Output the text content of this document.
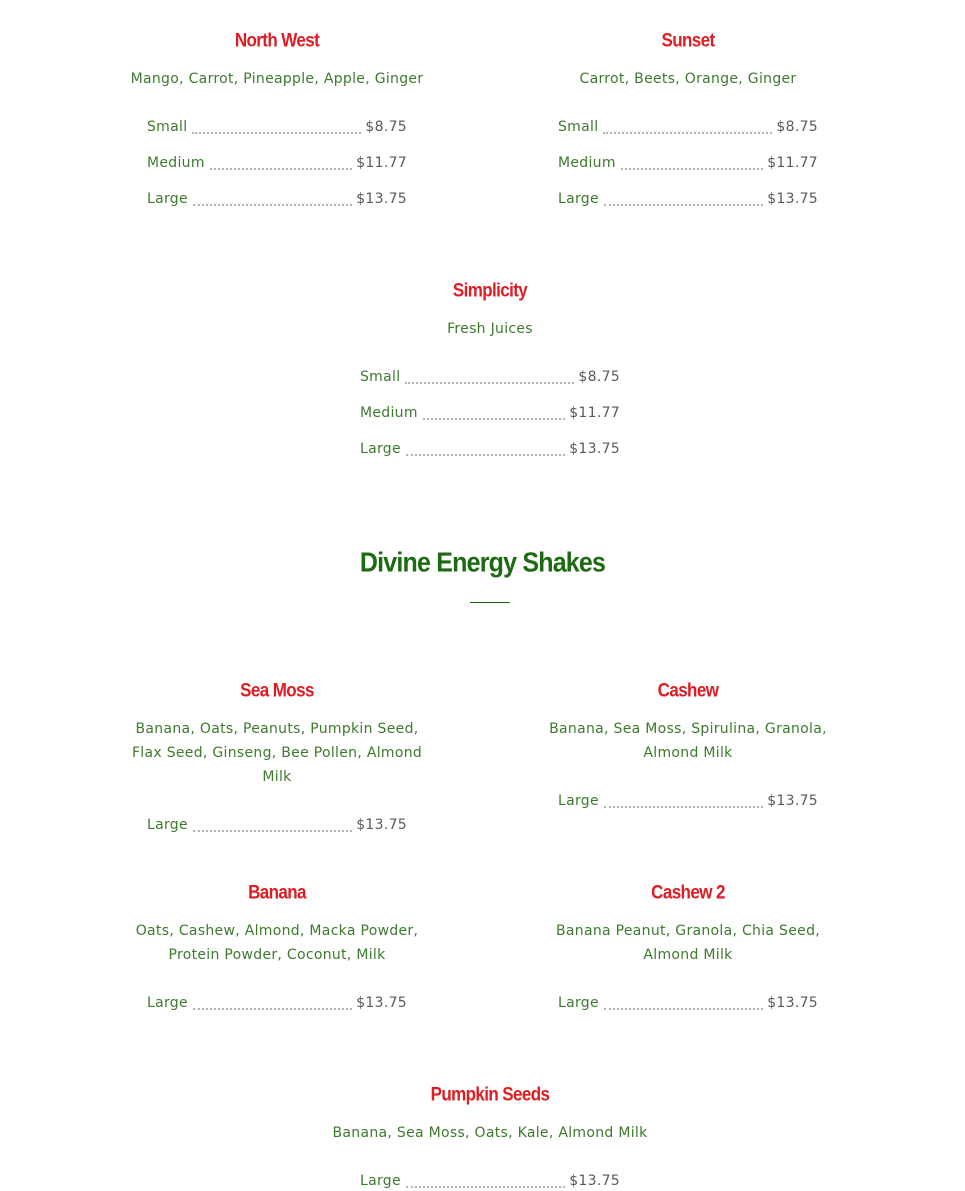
North West
Mango, Carrot, Pineapple, Apple, Ginger
Small	$8.75
Medium	$11.77
Large	$13.75
Sunset
Carrot, Beets, Orange, Ginger
Small	$8.75
Medium	$11.77
Large	$13.75
Simplicity
Fresh Juices
Small	$8.75
Medium	$11.77
Large	$13.75
Divine Energy Shakes
Sea Moss
Banana, Oats, Peanuts, Pumpkin Seed, Flax Seed, Ginseng, Bee Pollen, Almond Milk
Large	$13.75
Cashew
Banana, Sea Moss, Spirulina, Granola, Almond Milk
Large	$13.75
Banana
Oats, Cashew, Almond, Macka Powder, Protein Powder, Coconut, Milk
Large	$13.75
Cashew 2
Banana Peanut, Granola, Chia Seed, Almond Milk
Large	$13.75
Pumpkin Seeds
Banana, Sea Moss, Oats, Kale, Almond Milk
Large	$13.75
